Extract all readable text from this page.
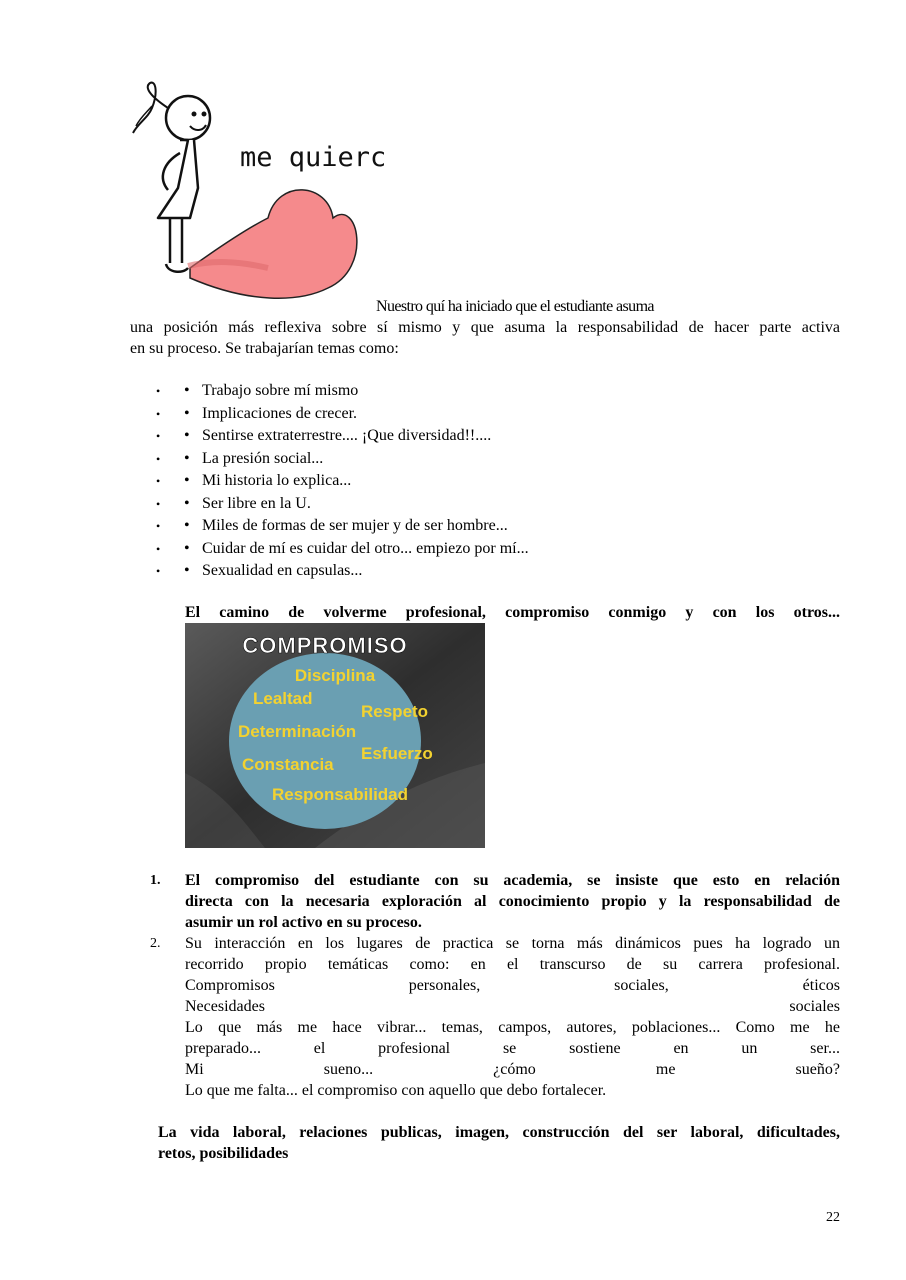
me quierc
Nuestro quí ha iniciado que el estudiante asuma
una posición más reflexiva sobre sí mismo y que asuma la responsabilidad de hacer parte activa
en su proceso. Se trabajarían temas como:
• • Trabajo sobre mí mismo
• • Implicaciones de crecer.
• • Sentirse extraterrestre.... ¡Que diversidad!!....
• • La presión social...
• • Mi historia lo explica...
• • Ser libre en la U.
• • Miles de formas de ser mujer y de ser hombre...
• • Cuidar de mí es cuidar del otro... empiezo por mí...
• • Sexualidad en capsulas...
El camino de volverme profesional, compromiso conmigo y con los otros...
COMPROMISO
Disciplina
Lealtad
Respeto
Determinación
Esfuerzo
Constancia
Responsabilidad
1.	El compromiso del estudiante con su academia, se insiste que esto en relación
directa con la necesaria exploración al conocimiento propio y la responsabilidad de
asumir un rol activo en su proceso.
2.	Su interacción en los lugares de practica se torna más dinámicos pues ha logrado un
recorrido propio temáticas como: en el transcurso de su carrera profesional.
Compromisos	personales,	sociales,	éticos
Necesidades	sociales
Lo que más me hace vibrar... temas, campos, autores, poblaciones... Como me he
preparado...	el	profesional	se	sostiene	en	un	ser...
Mi	sueno...	¿cómo	me	sueño?
Lo que me falta... el compromiso con aquello que debo fortalecer.
La vida laboral, relaciones publicas, imagen, construcción del ser laboral, dificultades,
retos, posibilidades
22
